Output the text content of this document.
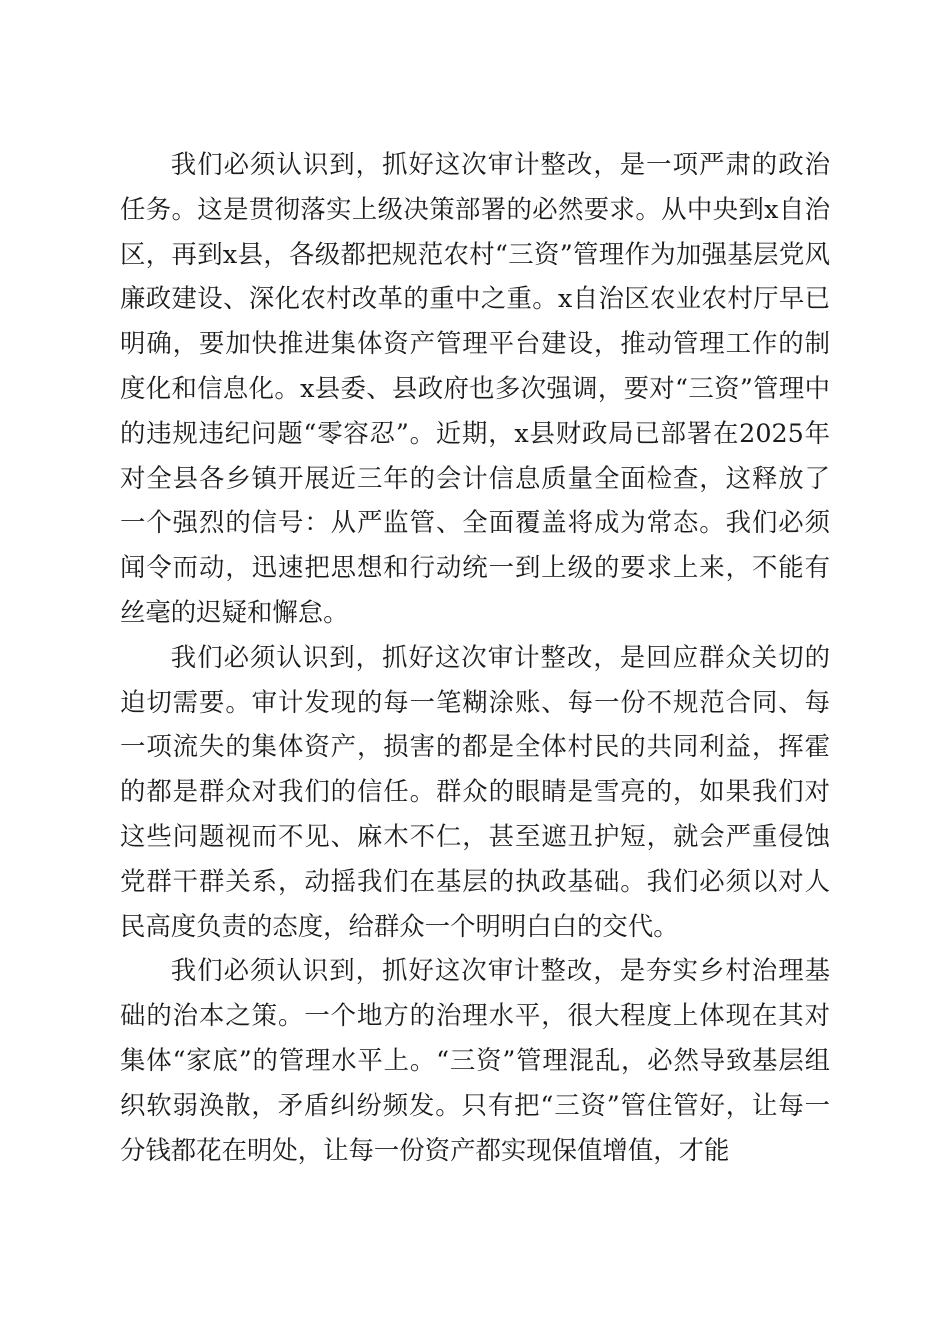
我们必须认识到，抓好这次审计整改，是一项严肃的政治任务。这是贯彻落实上级决策部署的必然要求。从中央到x自治区，再到x县，各级都把规范农村“三资”管理作为加强基层党风廉政建设、深化农村改革的重中之重。x自治区农业农村厅早已明确，要加快推进集体资产管理平台建设，推动管理工作的制度化和信息化。x县委、县政府也多次强调，要对“三资”管理中的违规违纪问题“零容忍”。近期，x县财政局已部署在2025年对全县各乡镇开展近三年的会计信息质量全面检查，这释放了一个强烈的信号：从严监管、全面覆盖将成为常态。我们必须闻令而动，迅速把思想和行动统一到上级的要求上来，不能有丝毫的迟疑和懈怠。

我们必须认识到，抓好这次审计整改，是回应群众关切的迫切需要。审计发现的每一笔糊涂账、每一份不规范合同、每一项流失的集体资产，损害的都是全体村民的共同利益，挥霍的都是群众对我们的信任。群众的眼睛是雪亮的，如果我们对这些问题视而不见、麻木不仁，甚至遮丑护短，就会严重侵蚀党群干群关系，动摇我们在基层的执政基础。我们必须以对人民高度负责的态度，给群众一个明明白白的交代。

我们必须认识到，抓好这次审计整改，是夯实乡村治理基础的治本之策。一个地方的治理水平，很大程度上体现在其对集体“家底”的管理水平上。“三资”管理混乱，必然导致基层组织软弱涣散，矛盾纠纷频发。只有把“三资”管住管好，让每一分钱都花在明处，让每一份资产都实现保值增值，才能
